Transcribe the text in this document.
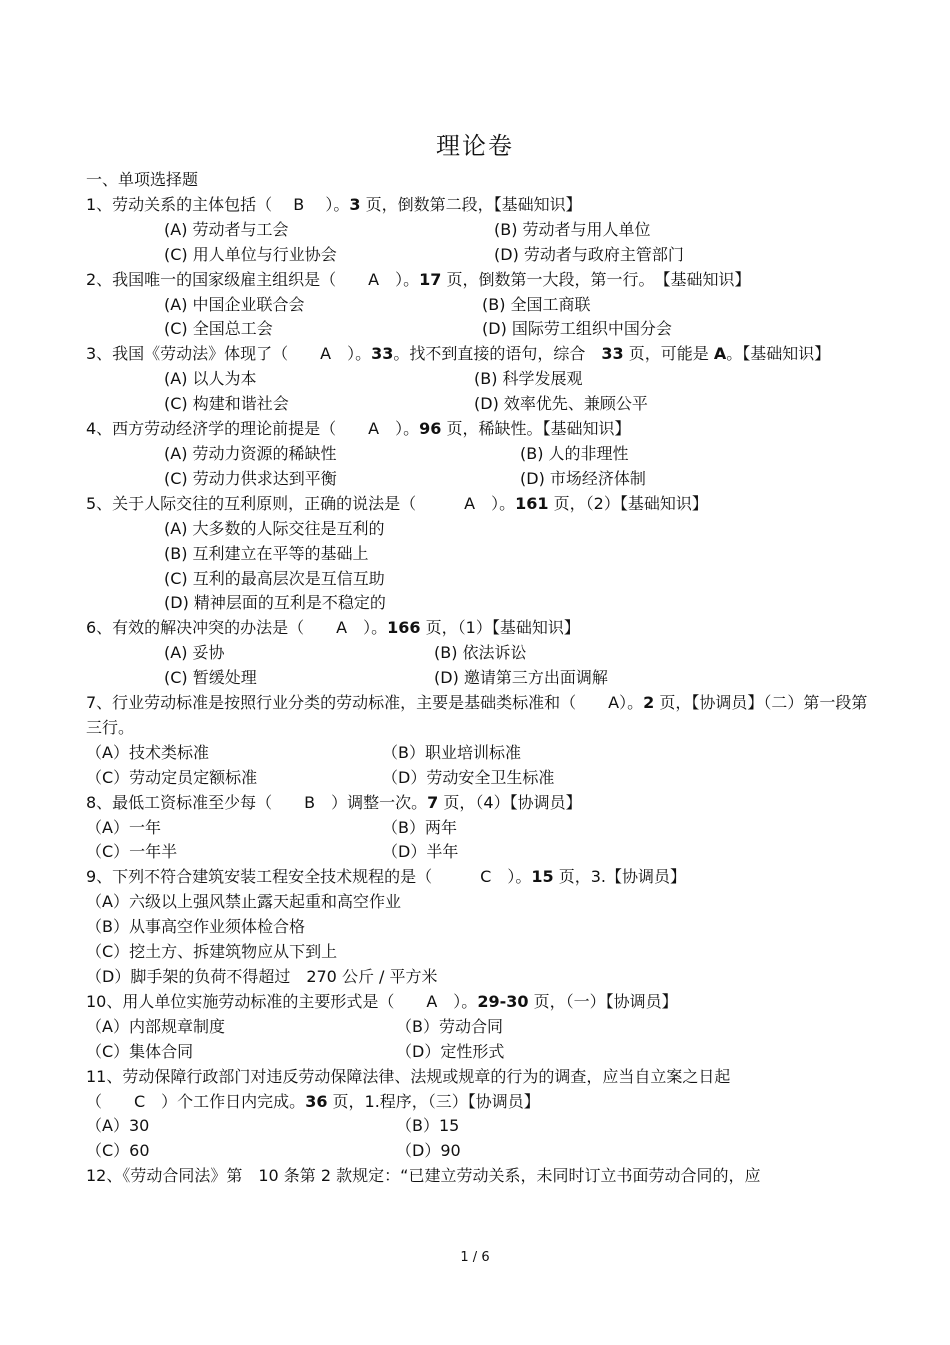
理论卷
一、单项选择题
1、劳动关系的主体包括（ 　B　 ）。3 页，倒数第二段，【基础知识】
(A) 劳动者与工会	(B) 劳动者与用人单位
(C) 用人单位与行业协会	(D) 劳动者与政府主管部门
2、我国唯一的国家级雇主组织是（　　A　）。17 页，倒数第一大段，第一行。　【基础知识】
(A) 中国企业联合会	(B) 全国工商联
(C) 全国总工会	(D) 国际劳工组织中国分会
3、我国《劳动法》体现了（　　A　）。33。找不到直接的语句，综合　33 页，可能是 A。【基础知识】
(A) 以人为本	(B) 科学发展观
(C) 构建和谐社会	(D) 效率优先、兼顾公平
4、西方劳动经济学的理论前提是（　　A　）。96 页，稀缺性。【基础知识】
(A) 劳动力资源的稀缺性	(B) 人的非理性
(C) 劳动力供求达到平衡	(D) 市场经济体制
5、关于人际交往的互利原则，正确的说法是（　　　A　）。161 页，（2）【基础知识】
(A) 大多数的人际交往是互利的
(B) 互利建立在平等的基础上
(C) 互利的最高层次是互信互助
(D) 精神层面的互利是不稳定的
6、有效的解决冲突的办法是（　　A　）。166 页，（1）【基础知识】
(A) 妥协	(B) 依法诉讼
(C) 暂缓处理	(D) 邀请第三方出面调解
7、行业劳动标准是按照行业分类的劳动标准，主要是基础类标准和（　　A）。2 页，【协调员】（二）第一段第三行。
（A）技术类标准	（B）职业培训标准
（C）劳动定员定额标准	（D）劳动安全卫生标准
8、最低工资标准至少每（　　B　）调整一次。7 页，（4）【协调员】
（A）一年	（B）两年
（C）一年半	（D）半年
9、下列不符合建筑安装工程安全技术规程的是（　　　C　）。15 页，3.【协调员】
（A）六级以上强风禁止露天起重和高空作业
（B）从事高空作业须体检合格
（C）挖土方、拆建筑物应从下到上
（D）脚手架的负荷不得超过　270 公斤 / 平方米
10、用人单位实施劳动标准的主要形式是（　　A　）。29-30 页，（一）【协调员】
（A）内部规章制度	（B）劳动合同
（C）集体合同	（D）定性形式
11、劳动保障行政部门对违反劳动保障法律、法规或规章的行为的调查，应当自立案之日起
（　　C　）个工作日内完成。36 页，1.程序，（三）【协调员】
（A）30	（B）15
（C）60	（D）90
12、《劳动合同法》第　10 条第 2 款规定：“已建立劳动关系，未同时订立书面劳动合同的，应
1 / 6
